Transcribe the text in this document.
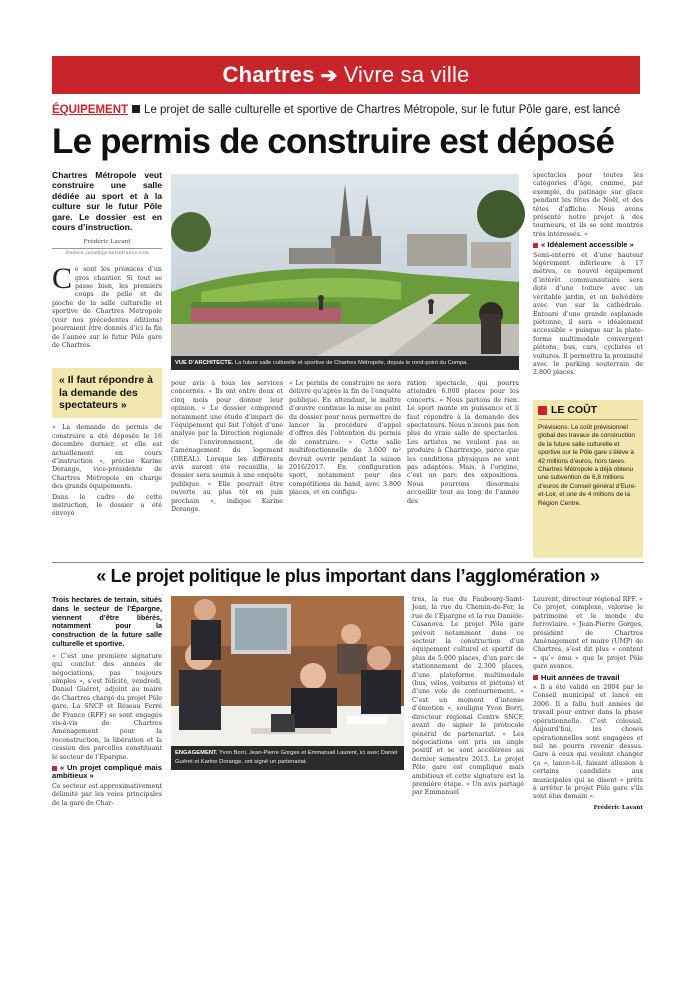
Chartres ➔ Vivre sa ville
ÉQUIPEMENT Le projet de salle culturelle et sportive de Chartres Métropole, sur le futur Pôle gare, est lancé
Le permis de construire est déposé
Chartres Métropole veut construire une salle dédiée au sport et à la culture sur le futur Pôle gare. Le dossier est en cours d’instruction.
Frédéric Lavant
frederic.lavant@centrefrance.com

Ce sont les prémices d’un gros chantier. Si tout se passe bien, les premiers coups de pelle et de pioche de la salle culturelle et sportive de Chartres Métropole (voir nos précédentes éditions) pourraient être donnés d’ici la fin de l’année sur le futur Pôle gare de Chartres.

« La demande de permis de construire a été déposée le 16 décembre dernier, et elle est actuellement en cours d’instruction », précise Karine Dorange, vice-présidente de Chartres Métropole en charge des grands équipements.

Dans le cadre de cette instruction, le dossier a été envoyé

« Il faut répondre à la demande des spectateurs »
VUE D’ARCHITECTE. La future salle culturelle et sportive de Chartres Métropole, depuis le rond-point du Compa.

pour avis à tous les services concernés. « Ils ont entre deux et cinq mois pour donner leur opinion. » Le dossier comprend notamment une étude d’impact de l’équipement qui fait l’objet d’une analyse par la Direction régionale de l’environnement, de l’aménagement du logement (DREAL). Lorsque les différents avis auront été recueillis, le dossier sera soumis à une enquête publique. « Elle pourrait être ouverte au plus tôt en juin prochain », indique Karine Dorange.

« Le permis de construire ne sera délivré qu’après la fin de l’enquête publique. En attendant, le maître d’œuvre continue la mise au point du dossier pour nous permettre de lancer la procédure d’appel d’offres dès l’obtention du permis de construire. » Cette salle multifonctionnelle de 3.600 m² devrait ouvrir pendant la saison 2016/2017. En configuration sport, notamment pour des compétitions de hand, avec 3.800 places, et en configu-

ration spectacle, qui pourra atteindre 6.000 places pour les concerts. « Nous partons de rien. Le sport monte en puissance et il faut répondre à la demande des spectateurs. Nous n’avons pas non plus de vraie salle de spectacles. Les artistes ne veulent pas se produire à Chartrexpo, parce que les conditions physiques ne sont pas adaptées. Mais, à l’origine, c’est un parc des expositions. Nous pourrons désormais accueillir tout au long de l’année des

spectacles pour toutes les catégories d’âge, comme, par exemple, du patinage sur glace pendant les fêtes de Noël, et des têtes d’affiche. Nous avons présenté notre projet à des tourneurs, et ils se sont montrés très intéressés. »

« Idéalement accessible »

Semi-enterré et d’une hauteur légèrement inférieure à 17 mètres, ce nouvel équipement d’intérêt communautaire sera doté d’une toiture avec un véritable jardin, et un belvédère avec vue sur la cathédrale. Entouré d’une grande esplanade piétonne, il sera « idéalement accessible » puisque sur la plate-forme multimodale convergent piétons, bus, cars, cyclistes et voitures. Il permettra la proximité avec le parking souterrain de 2.800 places.

LE COÛT
Prévisions. Le coût prévisionnel global des travaux de construction de la future salle culturelle et sportive sur le Pôle gare s’élève à 42 millions d’euros, hors taxes. Chartres Métropole a déjà obtenu une subvention de 6,8 millions d’euros de Conseil général d’Eure-et-Loir, et une de 4 millions de la Région Centre.
« Le projet politique le plus important dans l’agglomération »
Trois hectares de terrain, situés dans le secteur de l’Épargne, viennent d’être libérés, notamment pour la construction de la future salle culturelle et sportive.

« C’est une première signature qui conclut des années de négociations, pas toujours simples », s’est félicité, vendredi, Daniel Guéret, adjoint au maire de Chartres chargé du projet Pôle gare. La SNCF et Réseau Ferré de France (RFF) se sont engagés vis-à-vis de Chartres Aménagement pour la reconstruction, la libération et la cession des parcelles constituant le secteur de l’Épargne.

« Un projet compliqué mais ambitieux »

Ce secteur est approximativement délimité par les voies principales de la gare de Char-

ENGAGEMENT. Yvon Borri, Jean-Pierre Gorges et Emmanuel Laurent, ici avec Daniel Guéret et Karine Dorange, ont signé un partenariat.

tres, la rue du Faubourg-Saint-Jean, la rue du Chemin-de-Fer, la rue de l’Épargne et la rue Danièle-Casanova. Le projet Pôle gare prévoit notamment dans ce secteur la construction d’un équipement culturel et sportif de plus de 5.000 places, d’un parc de stationnement de 2.300 places, d’une plateforme multimodale (bus, vélos, voitures et piétons) et d’une voie de contournement. « C’est un moment d’intense d’émotion », souligne Yvon Borri, directeur régional Centre SNCF, avant de signer le protocole général de partenariat. « Les négociations ont pris un angle positif et se sont accélérées au dernier semestre 2013. Le projet Pôle gare est compliqué mais ambitieux et cette signature est la première étape. » Un avis partagé par Emmanuel

Laurent, directeur régional RFF. « Ce projet, complexe, valorise le patrimoine et le monde du ferroviaire. » Jean-Pierre Gorges, président de Chartres Aménagement et maire (UMP) de Chartres, s’est dit plus « content » qu’« ému » que le projet Pôle gare avance.

Huit années de travail

« Il a été validé en 2004 par le Conseil municipal et lancé en 2006. Il a fallu huit années de travail pour entrer dans la phase opérationnelle. C’est colossal. Aujourd’hui, les choses opérationnelles sont engagées et nul ne pourra revenir dessus. Gare à ceux qui veulent changer ça », lance-t-il, faisant allusion à certains candidats aux municipales qui se disent « prêts à arrêter le projet Pôle gare s’ils sont élus demain ».

Frédéric Lavant
